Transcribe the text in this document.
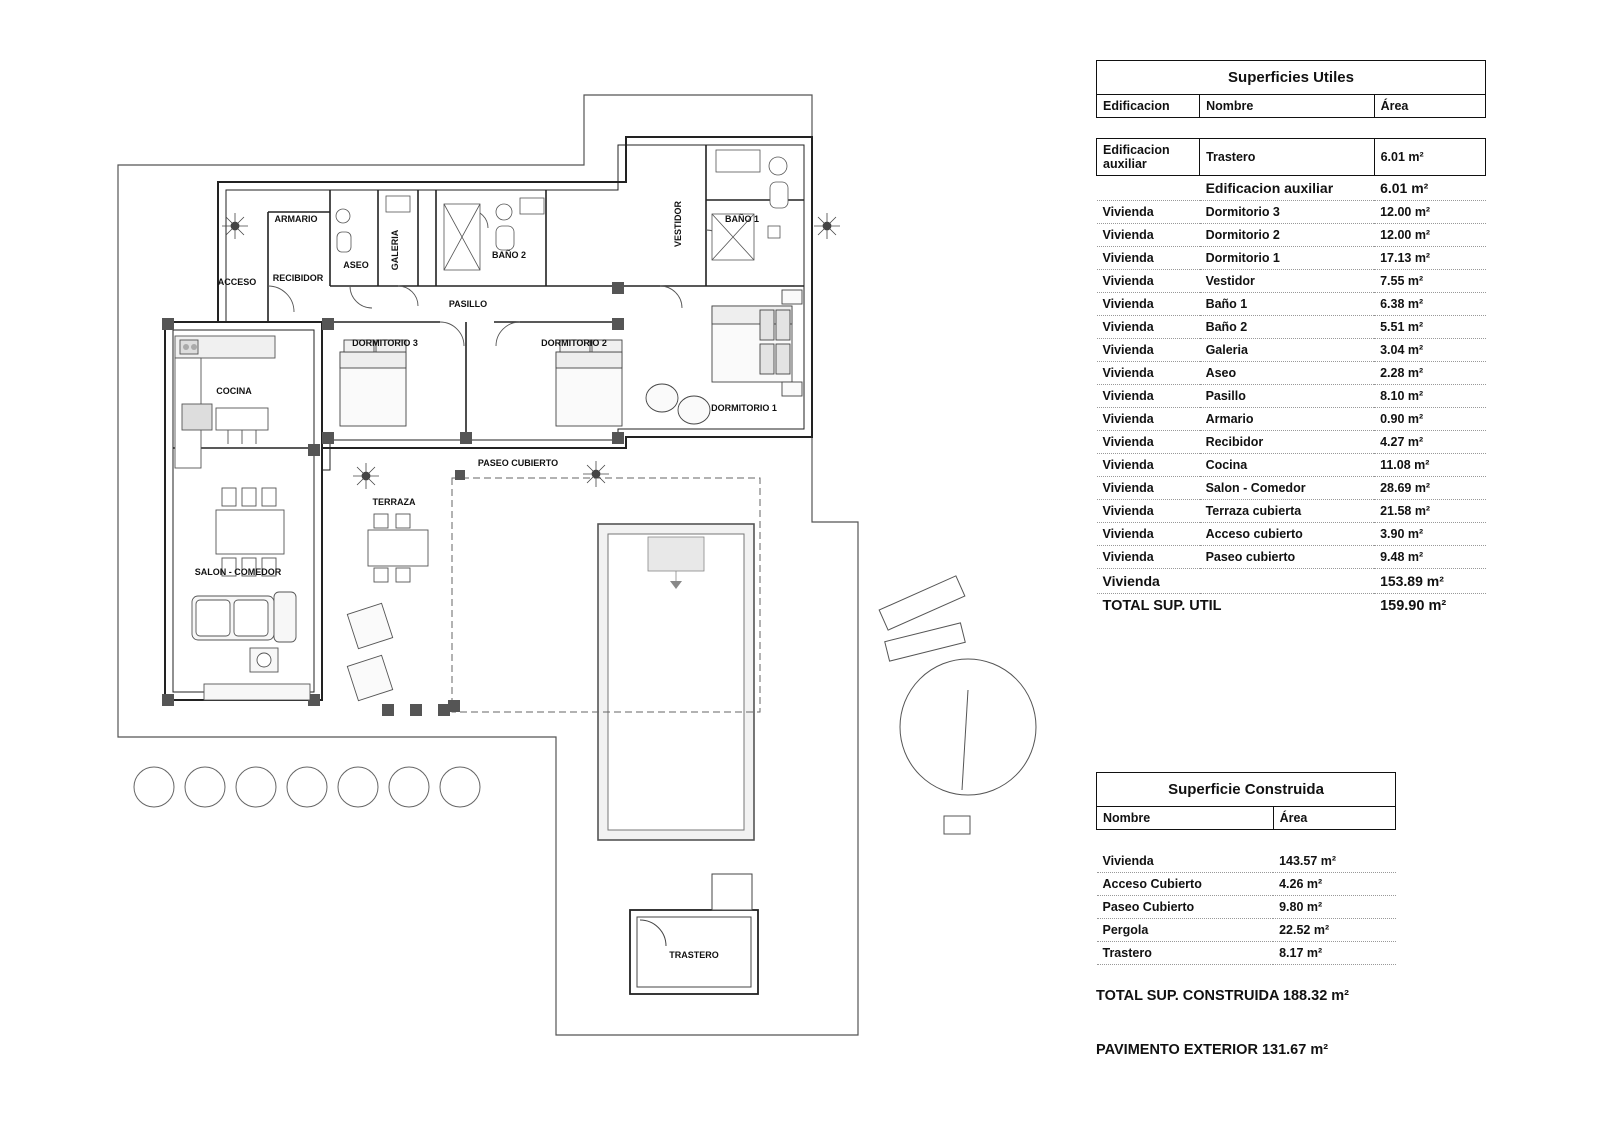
ARMARIO
ACCESO RECIBIDOR
ASEO
BAÑO 2
BAÑO 1
PASILLO
DORMITORIO 3	DORMITORIO 2
DORMITORIO 1
COCINA
SALON - COMEDOR
TERRAZA
PASEO CUBIERTO
TRASTERO
GALERIA
VESTIDOR
Superficies Utiles		
Edificacion	Nombre	Área

Edificacion auxiliar	Trastero	6.01 m²
	Edificacion auxiliar	6.01 m²
Vivienda	Dormitorio 3	12.00 m²
Vivienda	Dormitorio 2	12.00 m²
Vivienda	Dormitorio 1	17.13 m²
Vivienda	Vestidor	7.55 m²
Vivienda	Baño 1	6.38 m²
Vivienda	Baño 2	5.51 m²
Vivienda	Galeria	3.04 m²
Vivienda	Aseo	2.28 m²
Vivienda	Pasillo	8.10 m²
Vivienda	Armario	0.90 m²
Vivienda	Recibidor	4.27 m²
Vivienda	Cocina	11.08 m²
Vivienda	Salon - Comedor	28.69 m²
Vivienda	Terraza cubierta	21.58 m²
Vivienda	Acceso cubierto	3.90 m²
Vivienda	Paseo cubierto	9.48 m²
Vivienda		153.89 m²
TOTAL SUP. UTIL		159.90 m²
Superficie Construida	
Nombre	Área

Vivienda	143.57 m²
Acceso Cubierto	4.26 m²
Paseo Cubierto	9.80 m²
Pergola	22.52 m²
Trastero	8.17 m²
TOTAL SUP. CONSTRUIDA 188.32 m²
PAVIMENTO EXTERIOR 131.67 m²
